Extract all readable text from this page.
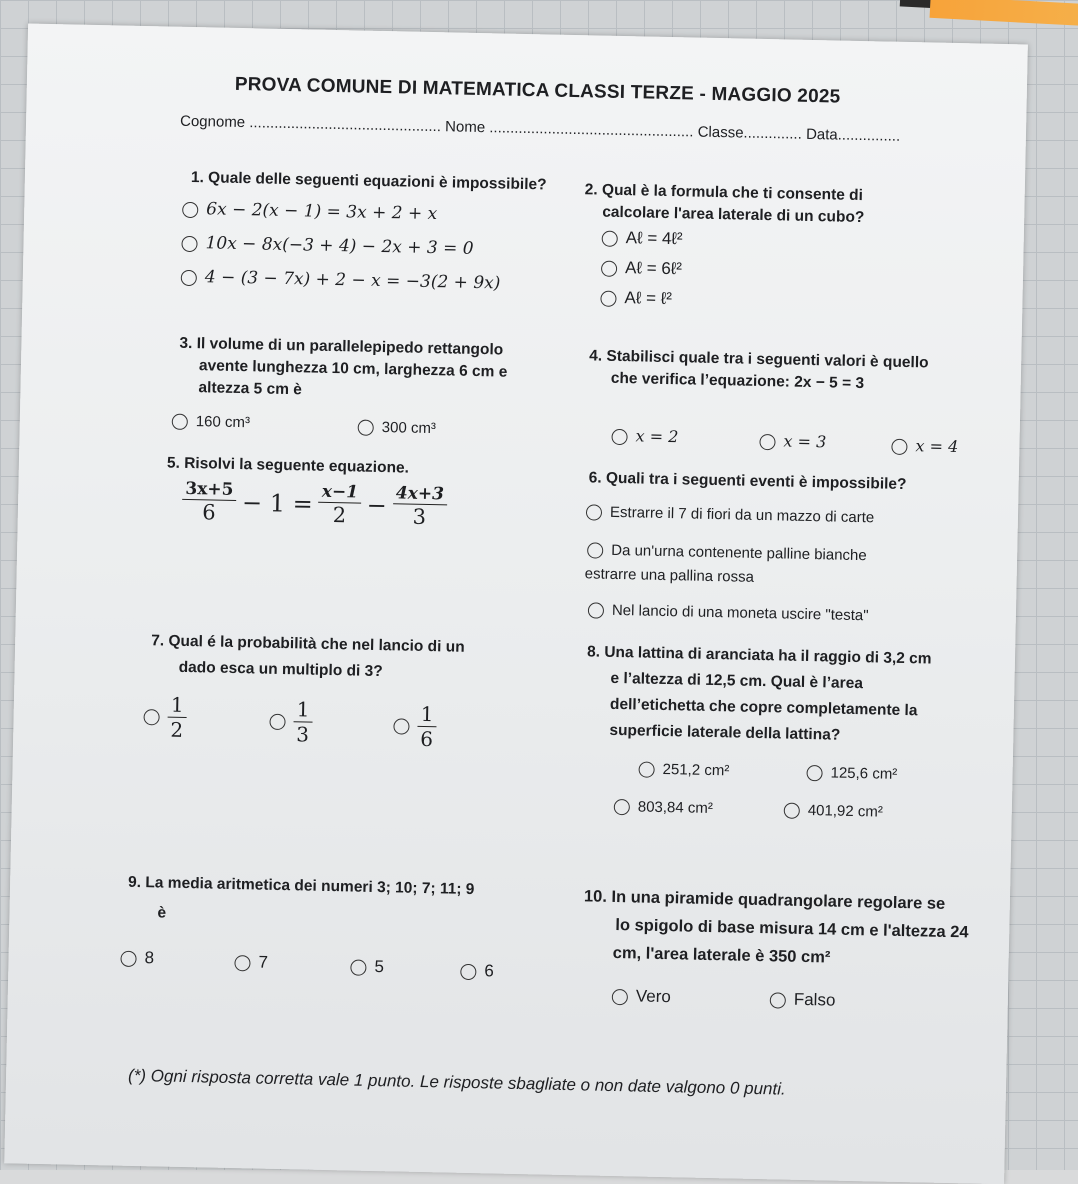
PROVA COMUNE DI MATEMATICA CLASSI TERZE - MAGGIO 2025
Cognome .............................................. Nome ................................................. Classe.............. Data...............
1. Quale delle seguenti equazioni è impossibile?
6x − 2(x − 1) = 3x + 2 + x
10x − 8x(−3 + 4) − 2x + 3 = 0
4 − (3 − 7x) + 2 − x = −3(2 + 9x)
2. Qual è la formula che ti consente di
calcolare l'area laterale di un cubo?
Aℓ = 4ℓ²
Aℓ = 6ℓ²
Aℓ = ℓ²
3. Il volume di un parallelepipedo rettangolo
avente lunghezza 10 cm, larghezza 6 cm e
altezza 5 cm è
160 cm³	300 cm³
4. Stabilisci quale tra i seguenti valori è quello
che verifica l’equazione: 2x − 5 = 3
x = 2	x = 3	x = 4
5. Risolvi la seguente equazione.
$\frac{3x+5}{6} - 1 = \frac{x-1}{2} - \frac{4x+3}{3}$
6. Quali tra i seguenti eventi è impossibile?
Estrarre il 7 di fiori da un mazzo di carte
Da un'urna contenente palline bianche
estrarre una pallina rossa
Nel lancio di una moneta uscire "testa"
7. Qual é la probabilità che nel lancio di un
dado esca un multiplo di 3?
$\frac{1}{2}$	$\frac{1}{3}$	$\frac{1}{6}$
8. Una lattina di aranciata ha il raggio di 3,2 cm
e l’altezza di 12,5 cm. Qual è l’area
dell’etichetta che copre completamente la
superficie laterale della lattina?
251,2 cm²	125,6 cm²
803,84 cm²	401,92 cm²
9. La media aritmetica dei numeri 3; 10; 7; 11; 9
è
8	7	5	6
10. In una piramide quadrangolare regolare se
lo spigolo di base misura 14 cm e l'altezza 24
cm, l'area laterale è 350 cm²
Vero	Falso
(*) Ogni risposta corretta vale 1 punto. Le risposte sbagliate o non date valgono 0 punti.
